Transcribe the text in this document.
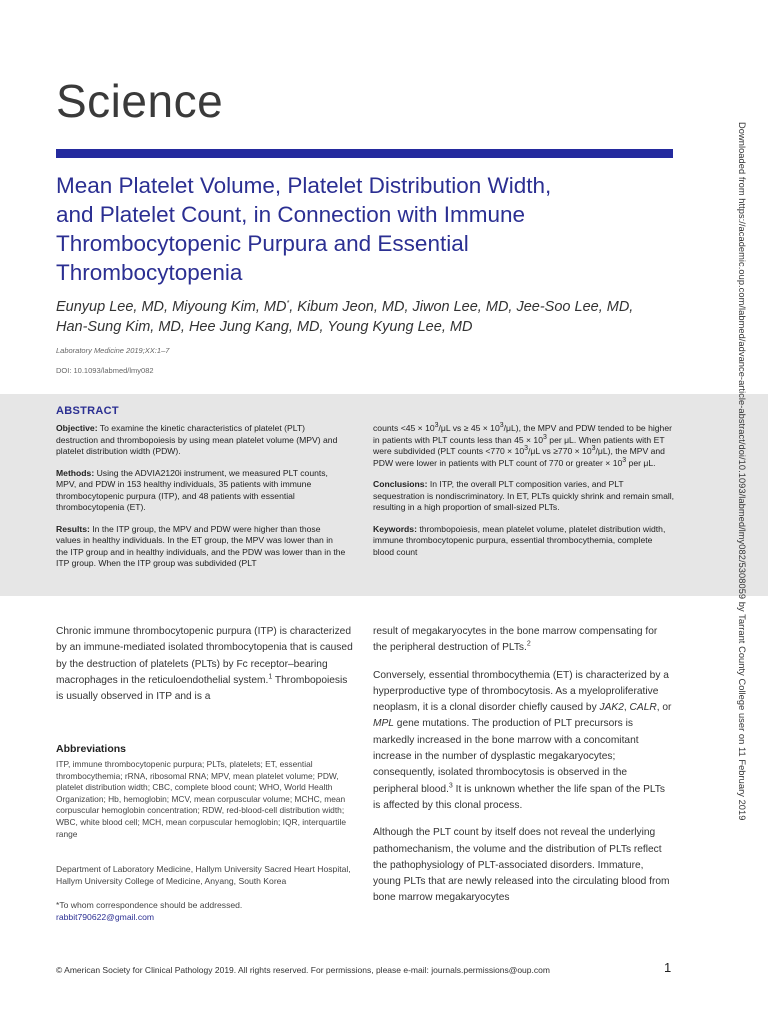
Science
Mean Platelet Volume, Platelet Distribution Width,
and Platelet Count, in Connection with Immune
Thrombocytopenic Purpura and Essential
Thrombocytopenia
Eunyup Lee, MD, Miyoung Kim, MD*, Kibum Jeon, MD, Jiwon Lee, MD, Jee-Soo Lee, MD,
Han-Sung Kim, MD, Hee Jung Kang, MD, Young Kyung Lee, MD
Laboratory Medicine 2019;XX:1–7
DOI: 10.1093/labmed/lmy082
ABSTRACT

Objective: To examine the kinetic characteristics of platelet (PLT) destruction and thrombopoiesis by using mean platelet volume (MPV) and platelet distribution width (PDW).

Methods: Using the ADVIA2120i instrument, we measured PLT counts, MPV, and PDW in 153 healthy individuals, 35 patients with immune thrombocytopenic purpura (ITP), and 48 patients with essential thrombocytopenia (ET).

Results: In the ITP group, the MPV and PDW were higher than those values in healthy individuals. In the ET group, the MPV was lower than in the ITP group and in healthy individuals, and the PDW was lower than in the ITP group. When the ITP group was subdivided (PLT

counts $<45 \times 10^3/\mu L$ vs ≥ $45 \times 10^3/\mu L$), the MPV and PDW tended to be higher in patients with PLT counts less than $45 \times 10^3$ per μL. When patients with ET were subdivided (PLT counts $<770 \times 10^3/\mu L$ vs $\ge 770 \times 10^3/\mu L$), the MPV and PDW were lower in patients with PLT count of 770 or greater × $10^3$ per μL.

Conclusions: In ITP, the overall PLT composition varies, and PLT sequestration is nondiscriminatory. In ET, PLTs quickly shrink and remain small, resulting in a high proportion of small-sized PLTs.

Keywords: thrombopoiesis, mean platelet volume, platelet distribution width, immune thrombocytopenic purpura, essential thrombocythemia, complete blood count

Chronic immune thrombocytopenic purpura (ITP) is characterized by an immune-mediated isolated thrombocytopenia that is caused by the destruction of platelets (PLTs) by Fc receptor–bearing macrophages in the reticuloendothelial system.$^1$ Thrombopoiesis is usually observed in ITP and is a

Abbreviations
ITP, immune thrombocytopenic purpura; PLTs, platelets; ET, essential thrombocythemia; rRNA, ribosomal RNA; MPV, mean platelet volume; PDW, platelet distribution width; CBC, complete blood count; WHO, World Health Organization; Hb, hemoglobin; MCV, mean corpuscular volume; MCHC, mean corpuscular hemoglobin concentration; RDW, red-blood-cell distribution width; WBC, white blood cell; MCH, mean corpuscular hemoglobin; IQR, interquartile range
Department of Laboratory Medicine, Hallym University Sacred Heart Hospital, Hallym University College of Medicine, Anyang, South Korea
*To whom correspondence should be addressed.
rabbit790622@gmail.com

result of megakaryocytes in the bone marrow compensating for the peripheral destruction of PLTs.$^2$

Conversely, essential thrombocythemia (ET) is characterized by a hyperproductive type of thrombocytosis. As a myeloproliferative neoplasm, it is a clonal disorder chiefly caused by JAK2, CALR, or MPL gene mutations. The production of PLT precursors is markedly increased in the bone marrow with a concomitant increase in the number of dysplastic megakaryocytes; consequently, isolated thrombocytosis is observed in the peripheral blood.$^3$ It is unknown whether the life span of the PLTs is affected by this clonal process.

Although the PLT count by itself does not reveal the underlying pathomechanism, the volume and the distribution of PLTs reflect the pathophysiology of PLT-associated disorders. Immature, young PLTs that are newly released into the circulating blood from bone marrow megakaryocytes

© American Society for Clinical Pathology 2019. All rights reserved. For permissions, please e-mail: journals.permissions@oup.com	1
Downloaded from https://academic.oup.com/labmed/advance-article-abstract/doi/10.1093/labmed/lmy082/5308059 by Tarrant County College user on 11 February 2019
